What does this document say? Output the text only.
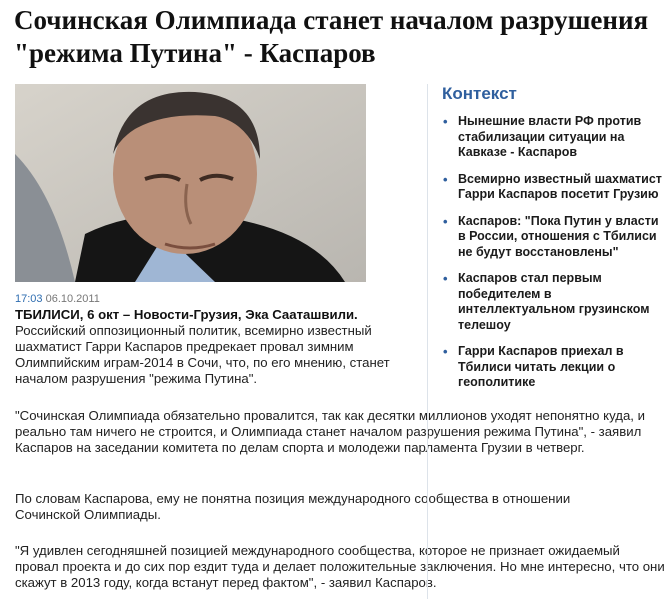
Сочинская Олимпиада станет началом разрушения "режима Путина" - Каспаров
17:03 06.10.2011
ТБИЛИСИ, 6 окт – Новости-Грузия, Эка Сааташвили. Российский оппозиционный политик, всемирно известный шахматист Гарри Каспаров предрекает провал зимним Олимпийским играм-2014 в Сочи, что, по его мнению, станет началом разрушения "режима Путина".

"Сочинская Олимпиада обязательно провалится, так как десятки миллионов уходят непонятно куда, и реально там ничего не строится, и Олимпиада станет началом разрушения режима Путина", - заявил Каспаров на заседании комитета по делам спорта и молодежи парламента Грузии в четверг.

По словам Каспарова, ему не понятна позиция международного сообщества в отношении Сочинской Олимпиады.

"Я удивлен сегодняшней позицией международного сообщества, которое не признает ожидаемый провал проекта и до сих пор ездит туда и делает положительные заключения. Но мне интересно, что они скажут в 2013 году, когда встанут перед фактом", - заявил Каспаров.

Контекст
• Нынешние власти РФ против стабилизации ситуации на Кавказе - Каспаров
• Всемирно известный шахматист Гарри Каспаров посетит Грузию
• Каспаров: "Пока Путин у власти в России, отношения с Тбилиси не будут восстановлены"
• Каспаров стал первым победителем в интеллектуальном грузинском телешоу
• Гарри Каспаров приехал в Тбилиси читать лекции о геополитике
